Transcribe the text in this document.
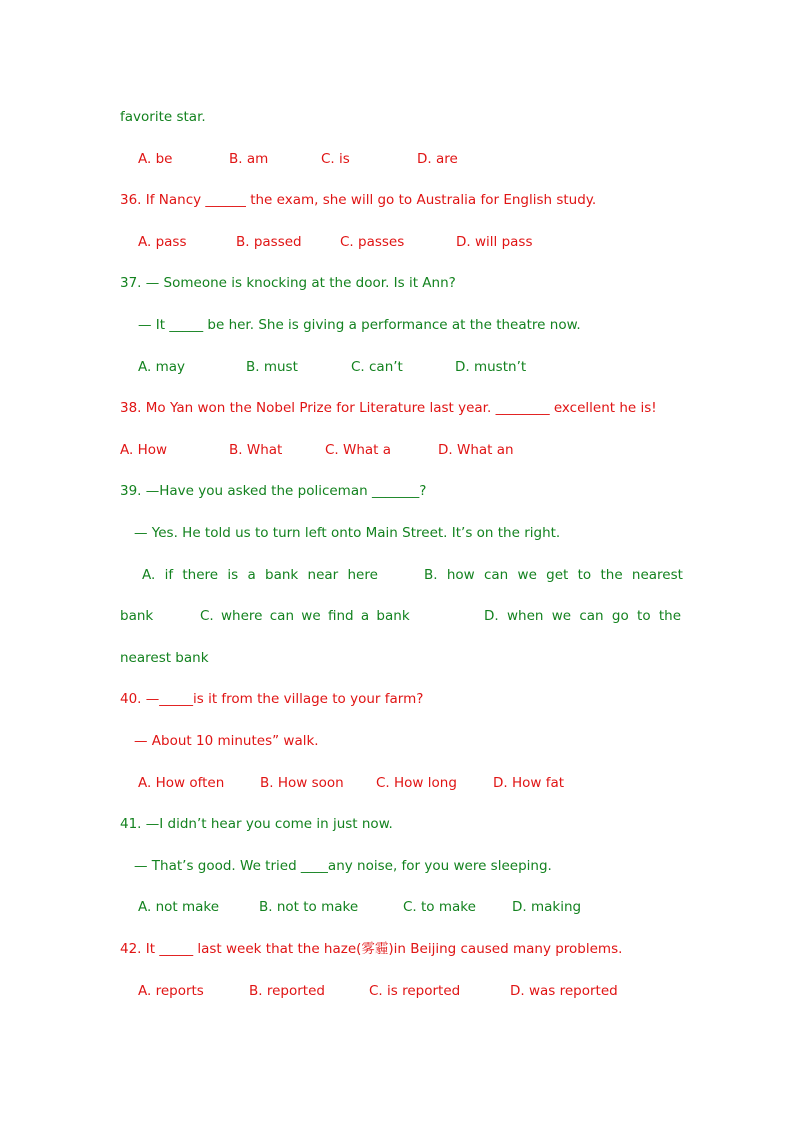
favorite star.
A. be	B. am	C. is	D. are
36. If Nancy ______ the exam, she will go to Australia for English study.
A. pass	B. passed	C. passes	D. will pass
37. — Someone is knocking at the door. Is it Ann?
— It _____ be her. She is giving a performance at the theatre now.
A. may	B. must	C. can’t	D. mustn’t
38. Mo Yan won the Nobel Prize for Literature last year. ________ excellent he is!
A. How	B. What	C. What a	D. What an
39. —Have you asked the policeman _______?
— Yes. He told us to turn left onto Main Street. It’s on the right.
A. if there is a bank near here	B. how can we get to the nearest
bank	C. where can we find a bank	D. when we can go to the
nearest bank
40. —_____is it from the village to your farm?
— About 10 minutes” walk.
A. How often	B. How soon C. How long	D. How fat
41. —I didn’t hear you come in just now.
— That’s good. We tried ____any noise, for you were sleeping.
A. not make	B. not to make	C. to make	D. making
42. It _____ last week that the haze(雾霾)in Beijing caused many problems.
A. reports	B. reported	C. is reported	D. was reported
